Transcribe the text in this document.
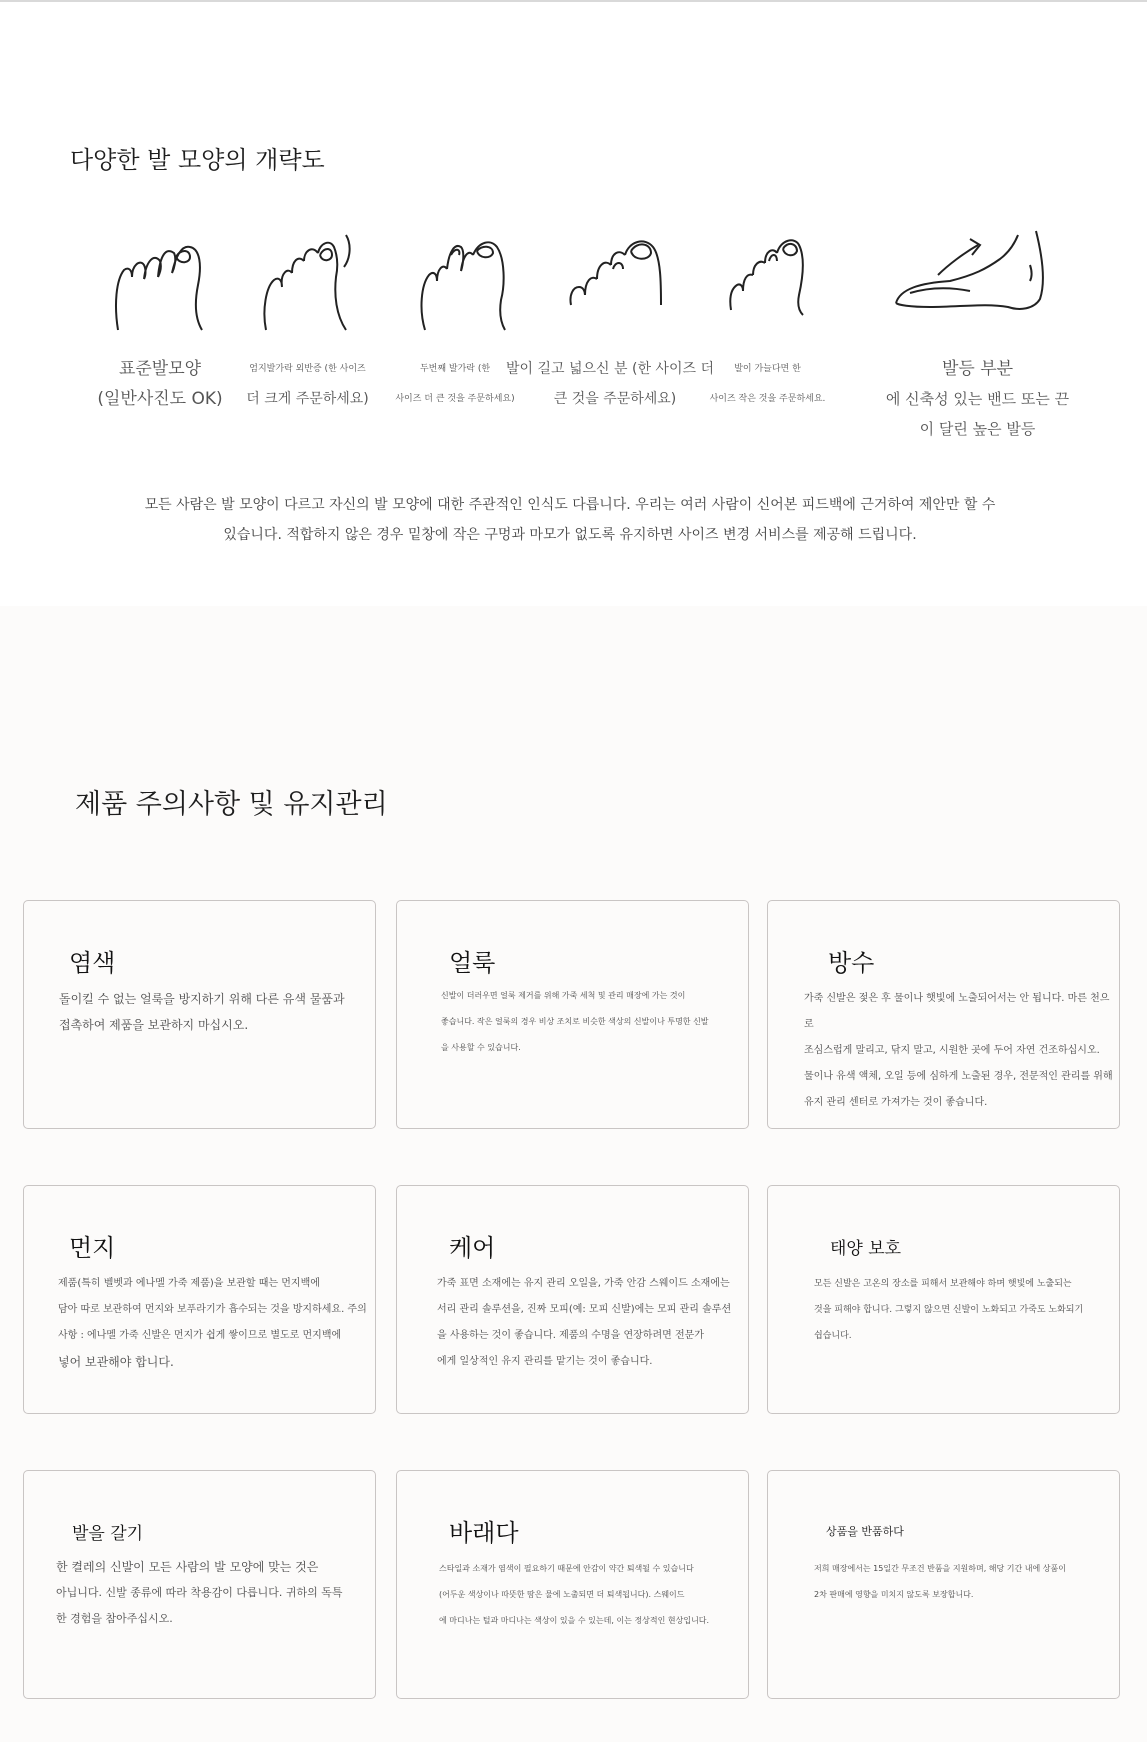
다양한 발 모양의 개략도
표준발모양
(일반사진도 OK)
엄지발가락 외반증 (한 사이즈
더 크게 주문하세요)
두번째 발가락 (한
사이즈 더 큰 것을 주문하세요)
발이 길고 넓으신 분 (한 사이즈 더
큰 것을 주문하세요)
발이 가늘다면 한
사이즈 작은 것을 주문하세요.
발등 부분
에 신축성 있는 밴드 또는 끈
이 달린 높은 발등
모든 사람은 발 모양이 다르고 자신의 발 모양에 대한 주관적인 인식도 다릅니다. 우리는 여러 사람이 신어본 피드백에 근거하여 제안만 할 수
있습니다. 적합하지 않은 경우 밑창에 작은 구멍과 마모가 없도록 유지하면 사이즈 변경 서비스를 제공해 드립니다.
제품 주의사항 및 유지관리
염색
돌이킬 수 없는 얼룩을 방지하기 위해 다른 유색 물품과
접촉하여 제품을 보관하지 마십시오.
얼룩
신발이 더러우면 얼룩 제거를 위해 가죽 세척 및 관리 매장에 가는 것이
좋습니다. 작은 얼룩의 경우 비상 조치로 비슷한 색상의 신발이나 투명한 신발
을 사용할 수 있습니다.
방수
가죽 신발은 젖은 후 물이나 햇빛에 노출되어서는 안 됩니다. 마른 천으로
조심스럽게 말리고, 닦지 말고, 시원한 곳에 두어 자연 건조하십시오.
물이나 유색 액체, 오일 등에 심하게 노출된 경우, 전문적인 관리를 위해
유지 관리 센터로 가져가는 것이 좋습니다.
먼지
제품(특히 벨벳과 에나멜 가죽 제품)을 보관할 때는 먼지백에
담아 따로 보관하여 먼지와 보푸라기가 흡수되는 것을 방지하세요. 주의
사항 : 에나멜 가죽 신발은 먼지가 쉽게 쌓이므로 별도로 먼지백에
넣어 보관해야 합니다.
케어
가죽 표면 소재에는 유지 관리 오일을, 가죽 안감 스웨이드 소재에는
서리 관리 솔루션을, 진짜 모피(예: 모피 신발)에는 모피 관리 솔루션
을 사용하는 것이 좋습니다. 제품의 수명을 연장하려면 전문가
에게 일상적인 유지 관리를 맡기는 것이 좋습니다.
태양 보호
모든 신발은 고온의 장소를 피해서 보관해야 하며 햇빛에 노출되는
것을 피해야 합니다. 그렇지 않으면 신발이 노화되고 가죽도 노화되기
쉽습니다.
발을 갈기
한 켤레의 신발이 모든 사람의 발 모양에 맞는 것은
아닙니다. 신발 종류에 따라 착용감이 다릅니다. 귀하의 독특
한 경험을 참아주십시오.
바래다
스타일과 소재가 염색이 필요하기 때문에 안감이 약간 퇴색될 수 있습니다
(어두운 색상이나 따뜻한 땀은 물에 노출되면 더 퇴색됩니다). 스웨이드
에 마디나는 털과 마디나는 색상이 있을 수 있는데, 이는 정상적인 현상입니다.
상품을 반품하다
저희 매장에서는 15일간 무조건 반품을 지원하며, 해당 기간 내에 상품이
2차 판매에 영향을 미치지 않도록 보장합니다.
